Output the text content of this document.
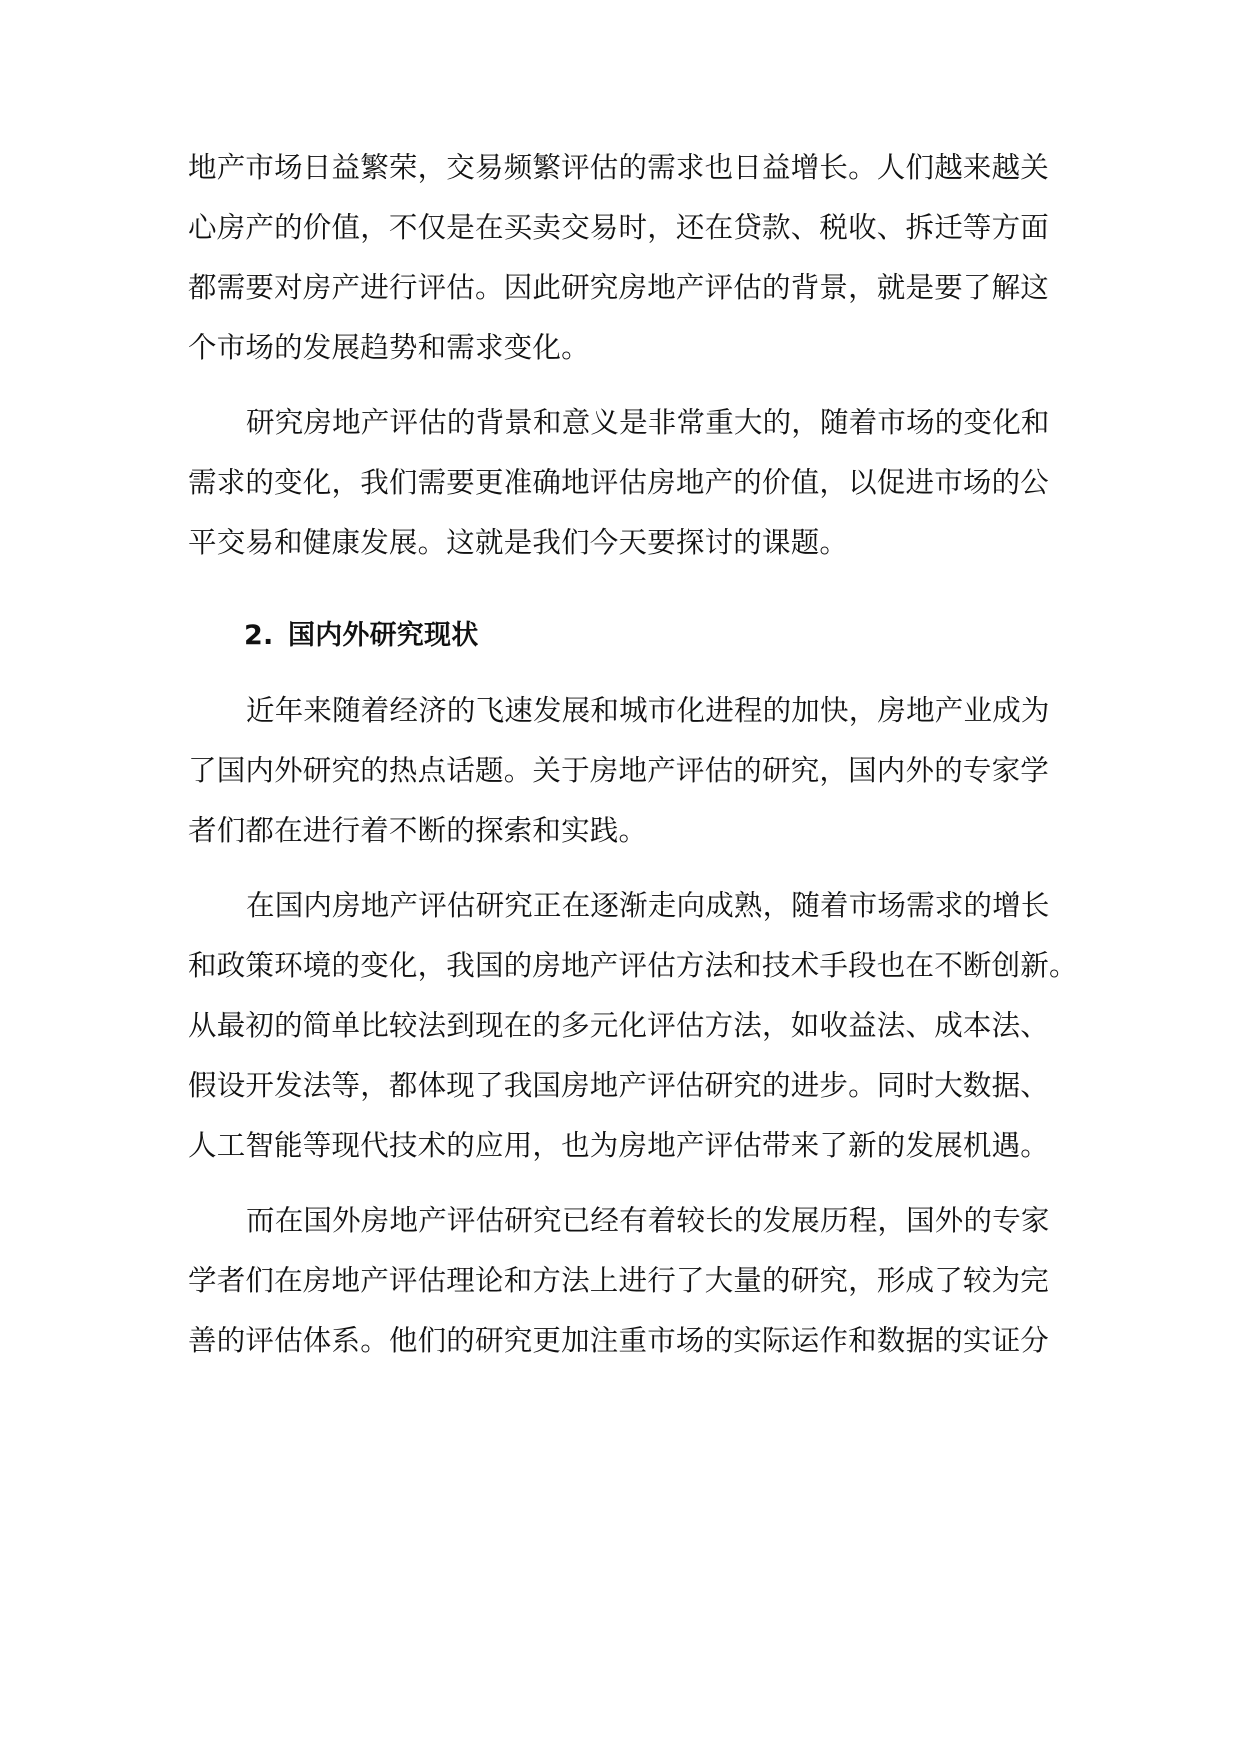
地产市场日益繁荣，交易频繁评估的需求也日益增长。人们越来越关
心房产的价值，不仅是在买卖交易时，还在贷款、税收、拆迁等方面
都需要对房产进行评估。因此研究房地产评估的背景，就是要了解这
个市场的发展趋势和需求变化。
研究房地产评估的背景和意义是非常重大的，随着市场的变化和
需求的变化，我们需要更准确地评估房地产的价值，以促进市场的公
平交易和健康发展。这就是我们今天要探讨的课题。
2. 国内外研究现状
近年来随着经济的飞速发展和城市化进程的加快，房地产业成为
了国内外研究的热点话题。关于房地产评估的研究，国内外的专家学
者们都在进行着不断的探索和实践。
在国内房地产评估研究正在逐渐走向成熟，随着市场需求的增长
和政策环境的变化，我国的房地产评估方法和技术手段也在不断创新。
从最初的简单比较法到现在的多元化评估方法，如收益法、成本法、
假设开发法等，都体现了我国房地产评估研究的进步。同时大数据、
人工智能等现代技术的应用，也为房地产评估带来了新的发展机遇。
而在国外房地产评估研究已经有着较长的发展历程，国外的专家
学者们在房地产评估理论和方法上进行了大量的研究，形成了较为完
善的评估体系。他们的研究更加注重市场的实际运作和数据的实证分
